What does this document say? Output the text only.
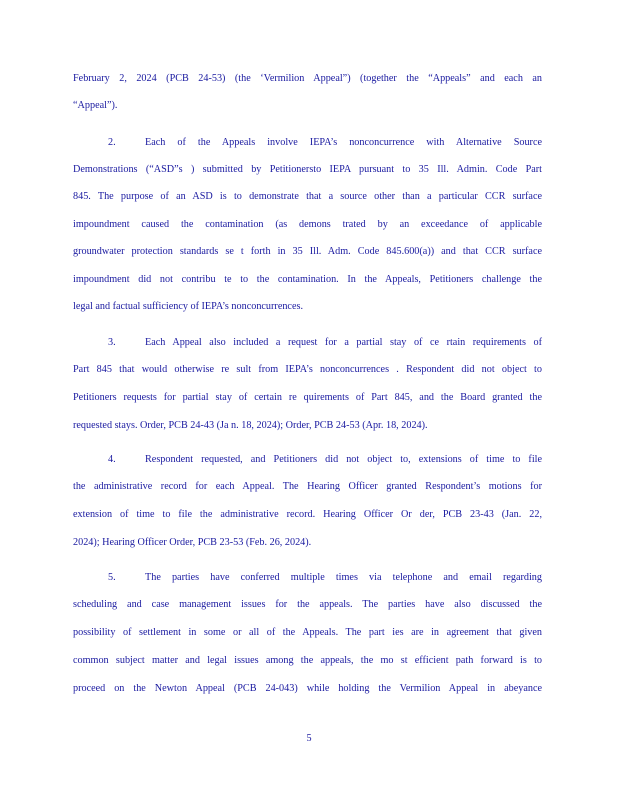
February 2, 2024 (PCB 24-53) (the ‘Vermilion Appeal”) (together the “Appeals” and each an
“Appeal”).
2.	Each of the Appeals involve IEPA’s nonconcurrence with Alternative Source
Demonstrations (“ASD”s ) submitted by Petitionersto IEPA pursuant to 35 Ill. Admin. Code Part
845. The purpose of an ASD is to demonstrate that a source other than a particular CCR surface
impoundment caused the contamination (as demons trated by an exceedance of applicable
groundwater protection standards se t forth in 35 Ill. Adm. Code 845.600(a)) and that CCR surface
impoundment did not contribu te to the contamination. In the Appeals, Petitioners challenge the
legal and factual sufficiency of IEPA’s nonconcurrences.
3.	Each Appeal also included a request for a partial stay of ce rtain requirements of
Part 845 that would otherwise re sult from IEPA’s nonconcurrences . Respondent did not object to
Petitioners requests for partial stay of certain re quirements of Part 845, and the Board granted the
requested stays. Order, PCB 24-43 (Ja n. 18, 2024); Order, PCB 24-53 (Apr. 18, 2024).
4.	Respondent requested, and Petitioners did not object to, extensions of time to file
the administrative record for each Appeal. The Hearing Officer granted Respondent’s motions for
extension of time to file the administrative record. Hearing Officer Or der, PCB 23-43 (Jan. 22,
2024); Hearing Officer Order, PCB 23-53 (Feb. 26, 2024).
5.	The parties have conferred multiple times via telephone and email regarding
scheduling and case management issues for the appeals. The parties have also discussed the
possibility of settlement in some or all of the Appeals. The part ies are in agreement that given
common subject matter and legal issues among the appeals, the mo st efficient path forward is to
proceed on the Newton Appeal (PCB 24-043) while holding the Vermilion Appeal in abeyance
5
